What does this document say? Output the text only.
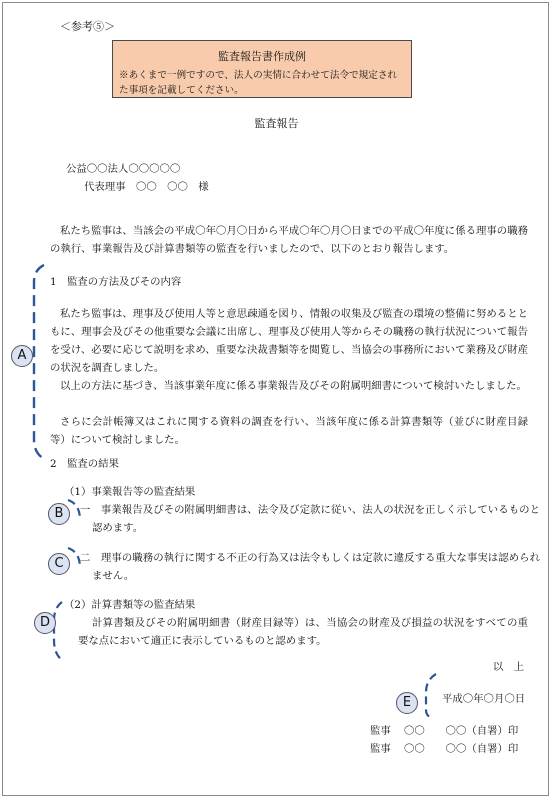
＜参考⑤＞
監査報告書作成例
※あくまで一例ですので、法人の実情に合わせて法令で規定された事項を記載してください。
監査報告
公益〇〇法人〇〇〇〇〇
代表理事　〇〇　〇〇　様
私たち監事は、当該会の平成〇年〇月〇日から平成〇年〇月〇日までの平成〇年度に係る理事の職務の執行、事業報告及び計算書類等の監査を行いましたので、以下のとおり報告します。
1　監査の方法及びその内容
私たち監事は、理事及び使用人等と意思疎通を図り、情報の収集及び監査の環境の整備に努めるとともに、理事会及びその他重要な会議に出席し、理事及び使用人等からその職務の執行状況について報告を受け、必要に応じて説明を求め、重要な決裁書類等を閲覧し、当協会の事務所において業務及び財産の状況を調査しました。
以上の方法に基づき、当該事業年度に係る事業報告及びその附属明細書について検討いたしました。
さらに会計帳簿又はこれに関する資料の調査を行い、当該年度に係る計算書類等（並びに財産目録等）について検討しました。
2　監査の結果
（1）事業報告等の監査結果
一　事業報告及びその附属明細書は、法令及び定款に従い、法人の状況を正しく示しているものと認めます。
二　理事の職務の執行に関する不正の行為又は法令もしくは定款に違反する重大な事実は認められません。
（2）計算書類等の監査結果
計算書類及びその附属明細書（財産目録等）は、当協会の財産及び損益の状況をすべての重要な点において適正に表示しているものと認めます。
以　上
平成〇年〇月〇日
監事 〇〇　　〇〇（自署）印
監事 〇〇　　〇〇（自署）印
A
B
C
D
E
